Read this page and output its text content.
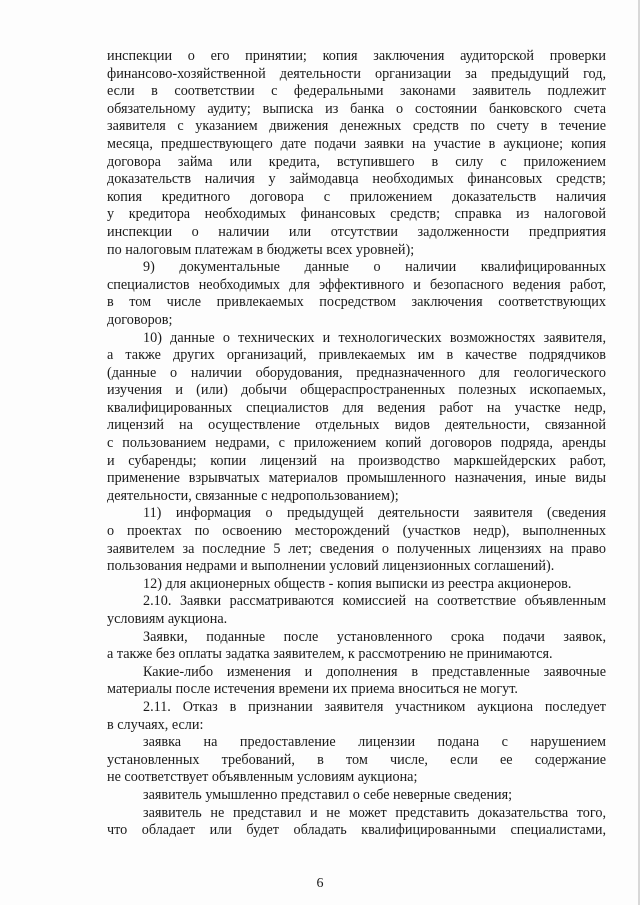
инспекции о его принятии; копия заключения аудиторской проверки
финансово-хозяйственной деятельности организации за предыдущий год,
если в соответствии с федеральными законами заявитель подлежит
обязательному аудиту; выписка из банка о состоянии банковского счета
заявителя с указанием движения денежных средств по счету в течение
месяца, предшествующего дате подачи заявки на участие в аукционе; копия
договора займа или кредита, вступившего в силу с приложением
доказательств наличия у займодавца необходимых финансовых средств;
копия кредитного договора с приложением доказательств наличия
у кредитора необходимых финансовых средств; справка из налоговой
инспекции о наличии или отсутствии задолженности предприятия
по налоговым платежам в бюджеты всех уровней);
9) документальные данные о наличии квалифицированных
специалистов необходимых для эффективного и безопасного ведения работ,
в том числе привлекаемых посредством заключения соответствующих
договоров;
10) данные о технических и технологических возможностях заявителя,
а также других организаций, привлекаемых им в качестве подрядчиков
(данные о наличии оборудования, предназначенного для геологического
изучения и (или) добычи общераспространенных полезных ископаемых,
квалифицированных специалистов для ведения работ на участке недр,
лицензий на осуществление отдельных видов деятельности, связанной
с пользованием недрами, с приложением копий договоров подряда, аренды
и субаренды; копии лицензий на производство маркшейдерских работ,
применение взрывчатых материалов промышленного назначения, иные виды
деятельности, связанные с недропользованием);
11) информация о предыдущей деятельности заявителя (сведения
о проектах по освоению месторождений (участков недр), выполненных
заявителем за последние 5 лет; сведения о полученных лицензиях на право
пользования недрами и выполнении условий лицензионных соглашений).
12) для акционерных обществ - копия выписки из реестра акционеров.
2.10. Заявки рассматриваются комиссией на соответствие объявленным
условиям аукциона.
Заявки, поданные после установленного срока подачи заявок,
а также без оплаты задатка заявителем, к рассмотрению не принимаются.
Какие-либо изменения и дополнения в представленные заявочные
материалы после истечения времени их приема вноситься не могут.
2.11. Отказ в признании заявителя участником аукциона последует
в случаях, если:
заявка на предоставление лицензии подана с нарушением
установленных требований, в том числе, если ее содержание
не соответствует объявленным условиям аукциона;
заявитель умышленно представил о себе неверные сведения;
заявитель не представил и не может представить доказательства того,
что обладает или будет обладать квалифицированными специалистами,
6
